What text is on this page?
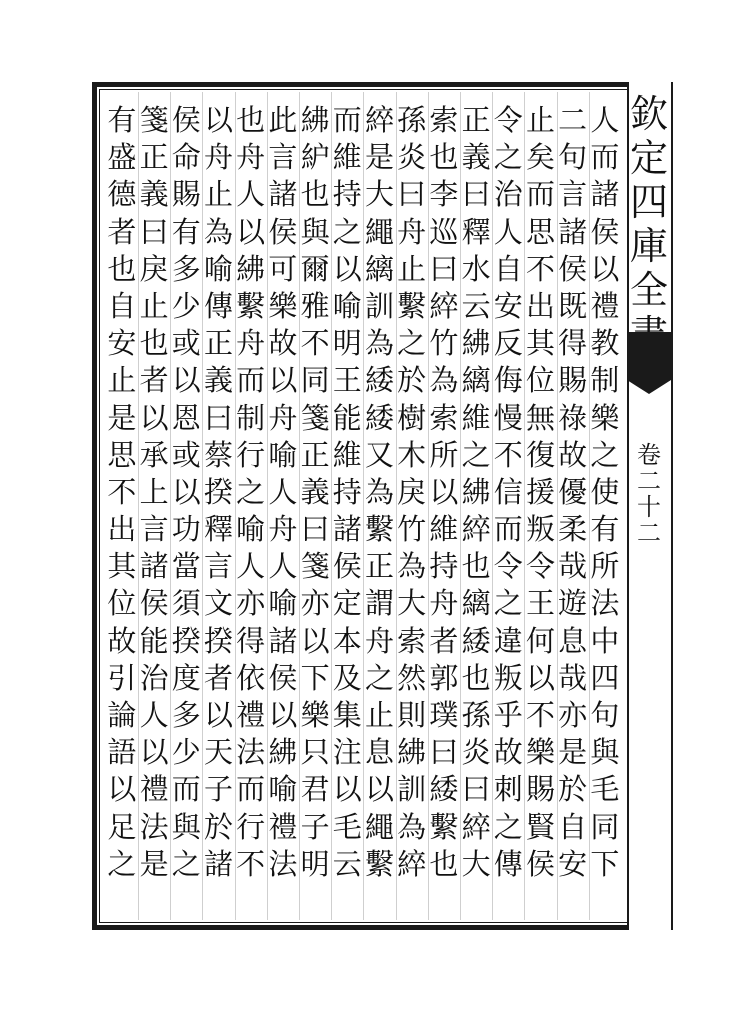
欽
定
四
庫
全
卷
二
十
二
人
而
諸
侯
以
禮
教
制
樂
之
使
有
所
法
中
四
句
與
毛
同
下
二
句
言
諸
侯
既
得
賜
祿
故
優
柔
哉
遊
息
哉
亦
是
於
自
安
止
矣
而
思
不
出
其
位
無
復
援
叛
令
王
何
以
不
樂
賜
賢
侯
令
之
治
人
自
安
反
侮
慢
不
信
而
令
之
違
叛
乎
故
刺
之
傳
正
義
曰
釋
水
云
紼
縭
維
之
紼
綷
也
縭
緌
也
孫
炎
曰
綷
大
索
也
李
巡
曰
綷
竹
為
索
所
以
維
持
舟
者
郭
璞
曰
緌
繫
也
孫
炎
曰
舟
止
繫
之
於
樹
木
戾
竹
為
大
索
然
則
紼
訓
為
綷
綷
是
大
繩
縭
訓
為
緌
緌
又
為
繫
正
謂
舟
之
止
息
以
繩
繫
而
維
持
之
以
喻
明
王
能
維
持
諸
侯
定
本
及
集
注
以
毛
云
紼
䋆
也
與
爾
雅
不
同
箋
正
義
曰
箋
亦
以
下
樂
只
君
子
明
此
言
諸
侯
可
樂
故
以
舟
喻
人
舟
人
喻
諸
侯
以
紼
喻
禮
法
也
舟
人
以
紼
繫
舟
而
制
行
之
喻
人
亦
得
依
禮
法
而
行
不
以
舟
止
為
喻
傳
正
義
曰
蔡
揆
釋
言
文
揆
者
以
天
子
於
諸
侯
命
賜
有
多
少
或
以
恩
或
以
功
當
須
揆
度
多
少
而
與
之
箋
正
義
曰
戾
止
也
者
以
承
上
言
諸
侯
能
治
人
以
禮
法
是
有
盛
德
者
也
自
安
止
是
思
不
出
其
位
故
引
論
語
以
足
之
